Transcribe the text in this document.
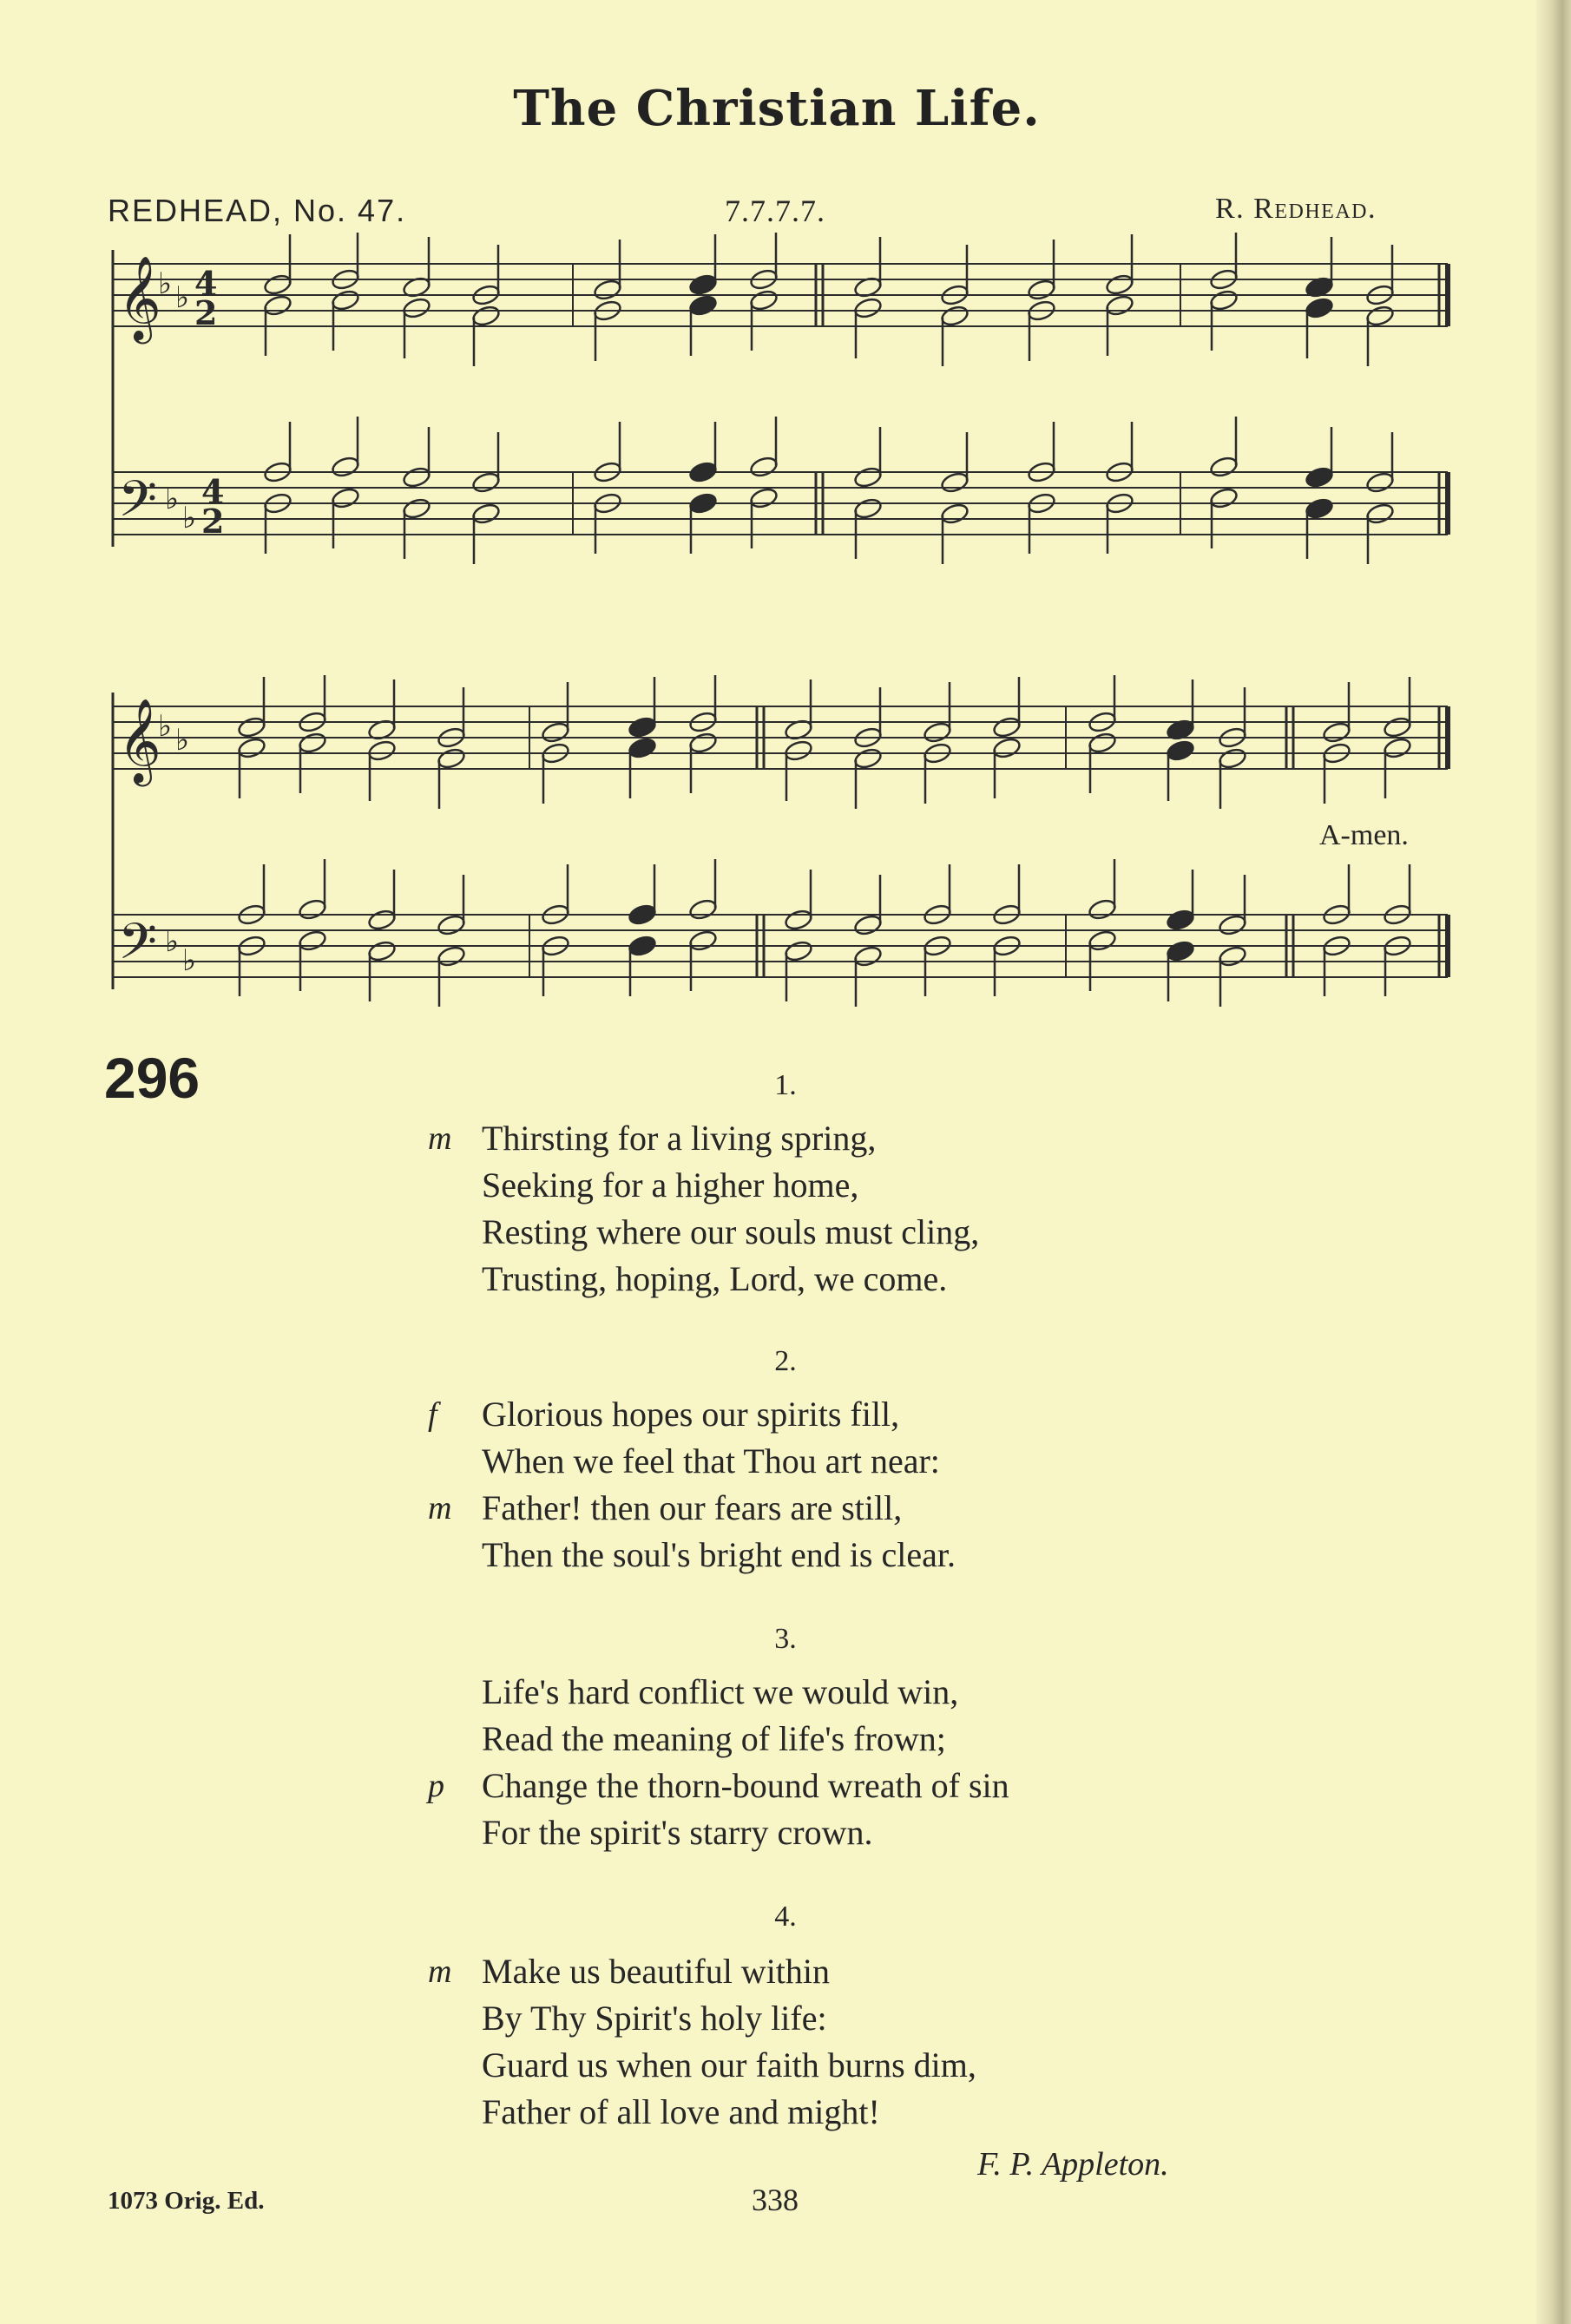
The Christian Life.
REDHEAD, No. 47.	7.7.7.7.	R. Redhead.
𝄞
♭ ♭ 4
2
𝄢 ♭
♭
4
2
𝄞
♭ ♭
𝄢 ♭
♭
A-men.
296	1.
m Thirsting for a living spring,
Seeking for a higher home,
Resting where our souls must cling,
Trusting, hoping, Lord, we come.
2.
f Glorious hopes our spirits fill,
When we feel that Thou art near:
m Father! then our fears are still,
Then the soul's bright end is clear.
3.
Life's hard conflict we would win,
Read the meaning of life's frown;
p Change the thorn-bound wreath of sin
For the spirit's starry crown.
4.
m Make us beautiful within
By Thy Spirit's holy life:
Guard us when our faith burns dim,
Father of all love and might!
F. P. Appleton.
1073 Orig. Ed.	338
